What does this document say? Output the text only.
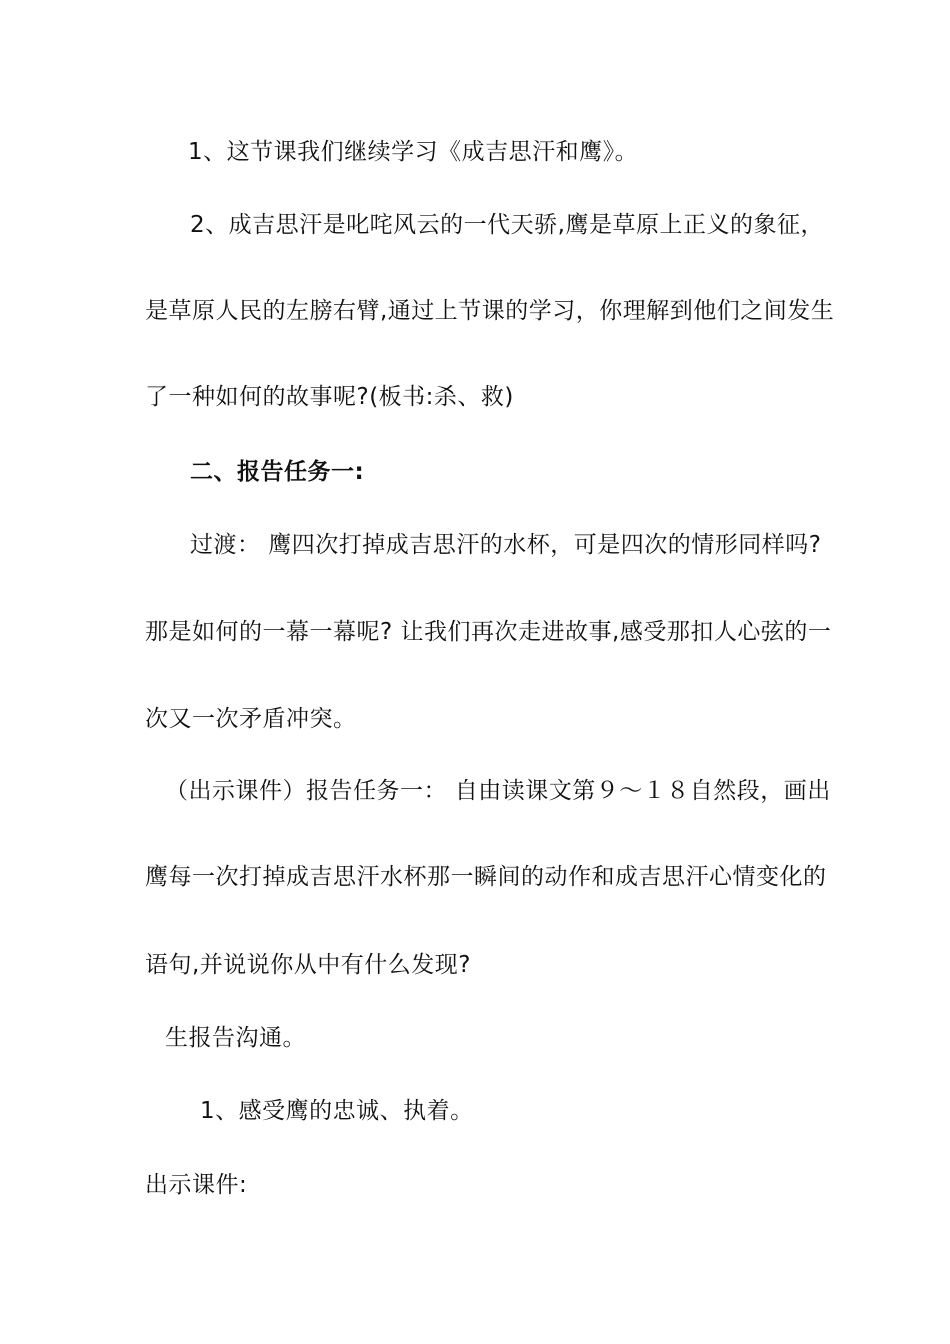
1、这节课我们继续学习《成吉思汗和鹰》。
2、成吉思汗是叱咤风云的一代天骄,鹰是草原上正义的象征，
是草原人民的左膀右臂,通过上节课的学习，你理解到他们之间发生
了一种如何的故事呢?(板书:杀、救)
二、报告任务一:
过渡： 鹰四次打掉成吉思汗的水杯，可是四次的情形同样吗?
那是如何的一幕一幕呢? 让我们再次走进故事,感受那扣人心弦的一
次又一次矛盾冲突。
（出示课件）报告任务一： 自由读课文第９～１８自然段，画出
鹰每一次打掉成吉思汗水杯那一瞬间的动作和成吉思汗心情变化的
语句,并说说你从中有什么发现?
生报告沟通。
1、感受鹰的忠诚、执着。
出示课件:
